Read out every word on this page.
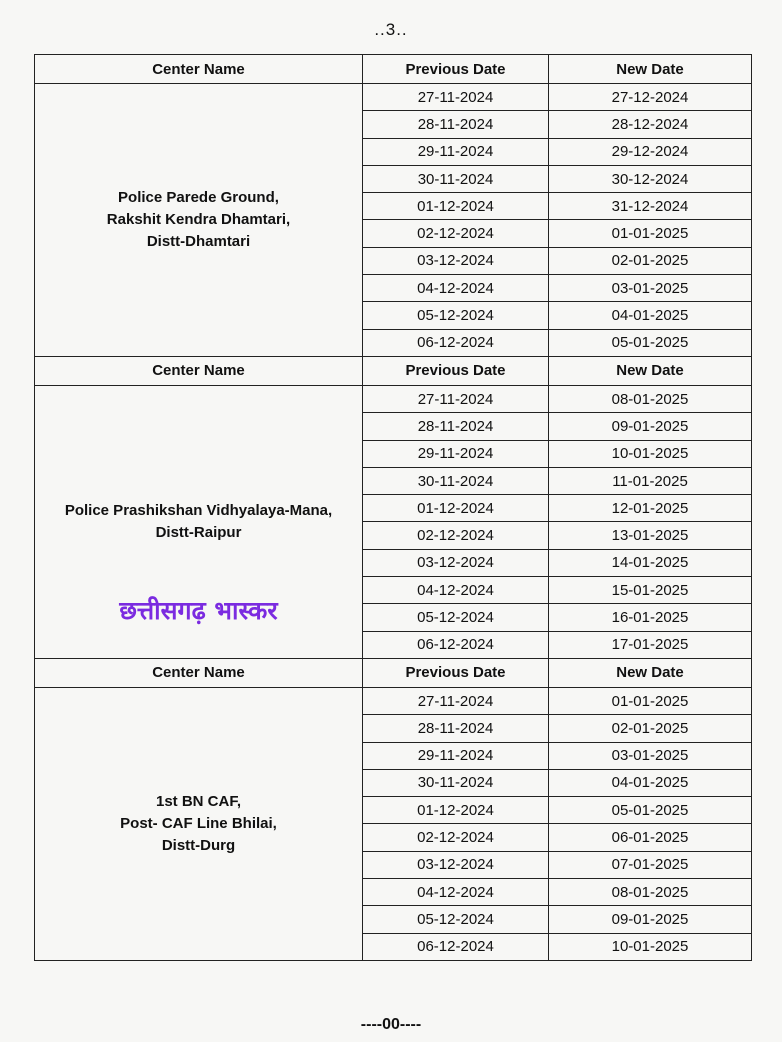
..3..
Center Name	Previous Date	New Date

Police Parede Ground,
Rakshit Kendra Dhamtari,
Distt-Dhamtari	27-11-2024	27-12-2024
	28-11-2024	28-12-2024
	29-11-2024	29-12-2024
	30-11-2024	30-12-2024
	01-12-2024	31-12-2024
	02-12-2024	01-01-2025
	03-12-2024	02-01-2025
	04-12-2024	03-01-2025
	05-12-2024	04-01-2025
	06-12-2024	05-01-2025
Center Name	Previous Date	New Date

Police Prashikshan Vidhyalaya-Mana,
Distt-Raipur
छत्तीसगढ़ भास्कर	27-11-2024	08-01-2025
	28-11-2024	09-01-2025
	29-11-2024	10-01-2025
	30-11-2024	11-01-2025
	01-12-2024	12-01-2025
	02-12-2024	13-01-2025
	03-12-2024	14-01-2025
	04-12-2024	15-01-2025
	05-12-2024	16-01-2025
	06-12-2024	17-01-2025
Center Name	Previous Date	New Date

1st BN CAF,
Post- CAF Line Bhilai,
Distt-Durg	27-11-2024	01-01-2025
	28-11-2024	02-01-2025
	29-11-2024	03-01-2025
	30-11-2024	04-01-2025
	01-12-2024	05-01-2025
	02-12-2024	06-01-2025
	03-12-2024	07-01-2025
	04-12-2024	08-01-2025
	05-12-2024	09-01-2025
	06-12-2024	10-01-2025
----00----
